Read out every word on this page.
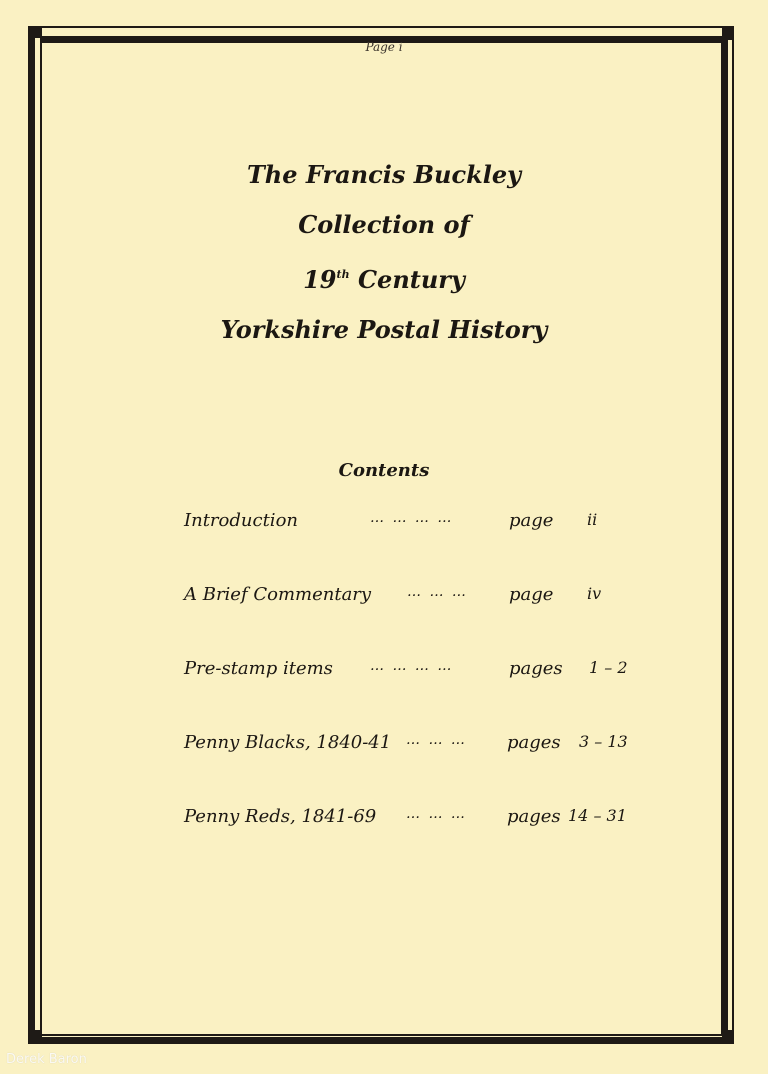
Page i
The Francis Buckley
Collection of
19th Century
Yorkshire Postal History
Contents
Introduction	… … … …	page ii
A Brief Commentary	… … … page iv
Pre-stamp items	… … … …	pages 1 – 2
Penny Blacks, 1840-41 … … … pages 3 – 13
Penny Reds, 1841-69 … … … pages 14 – 31
Derek Baron
